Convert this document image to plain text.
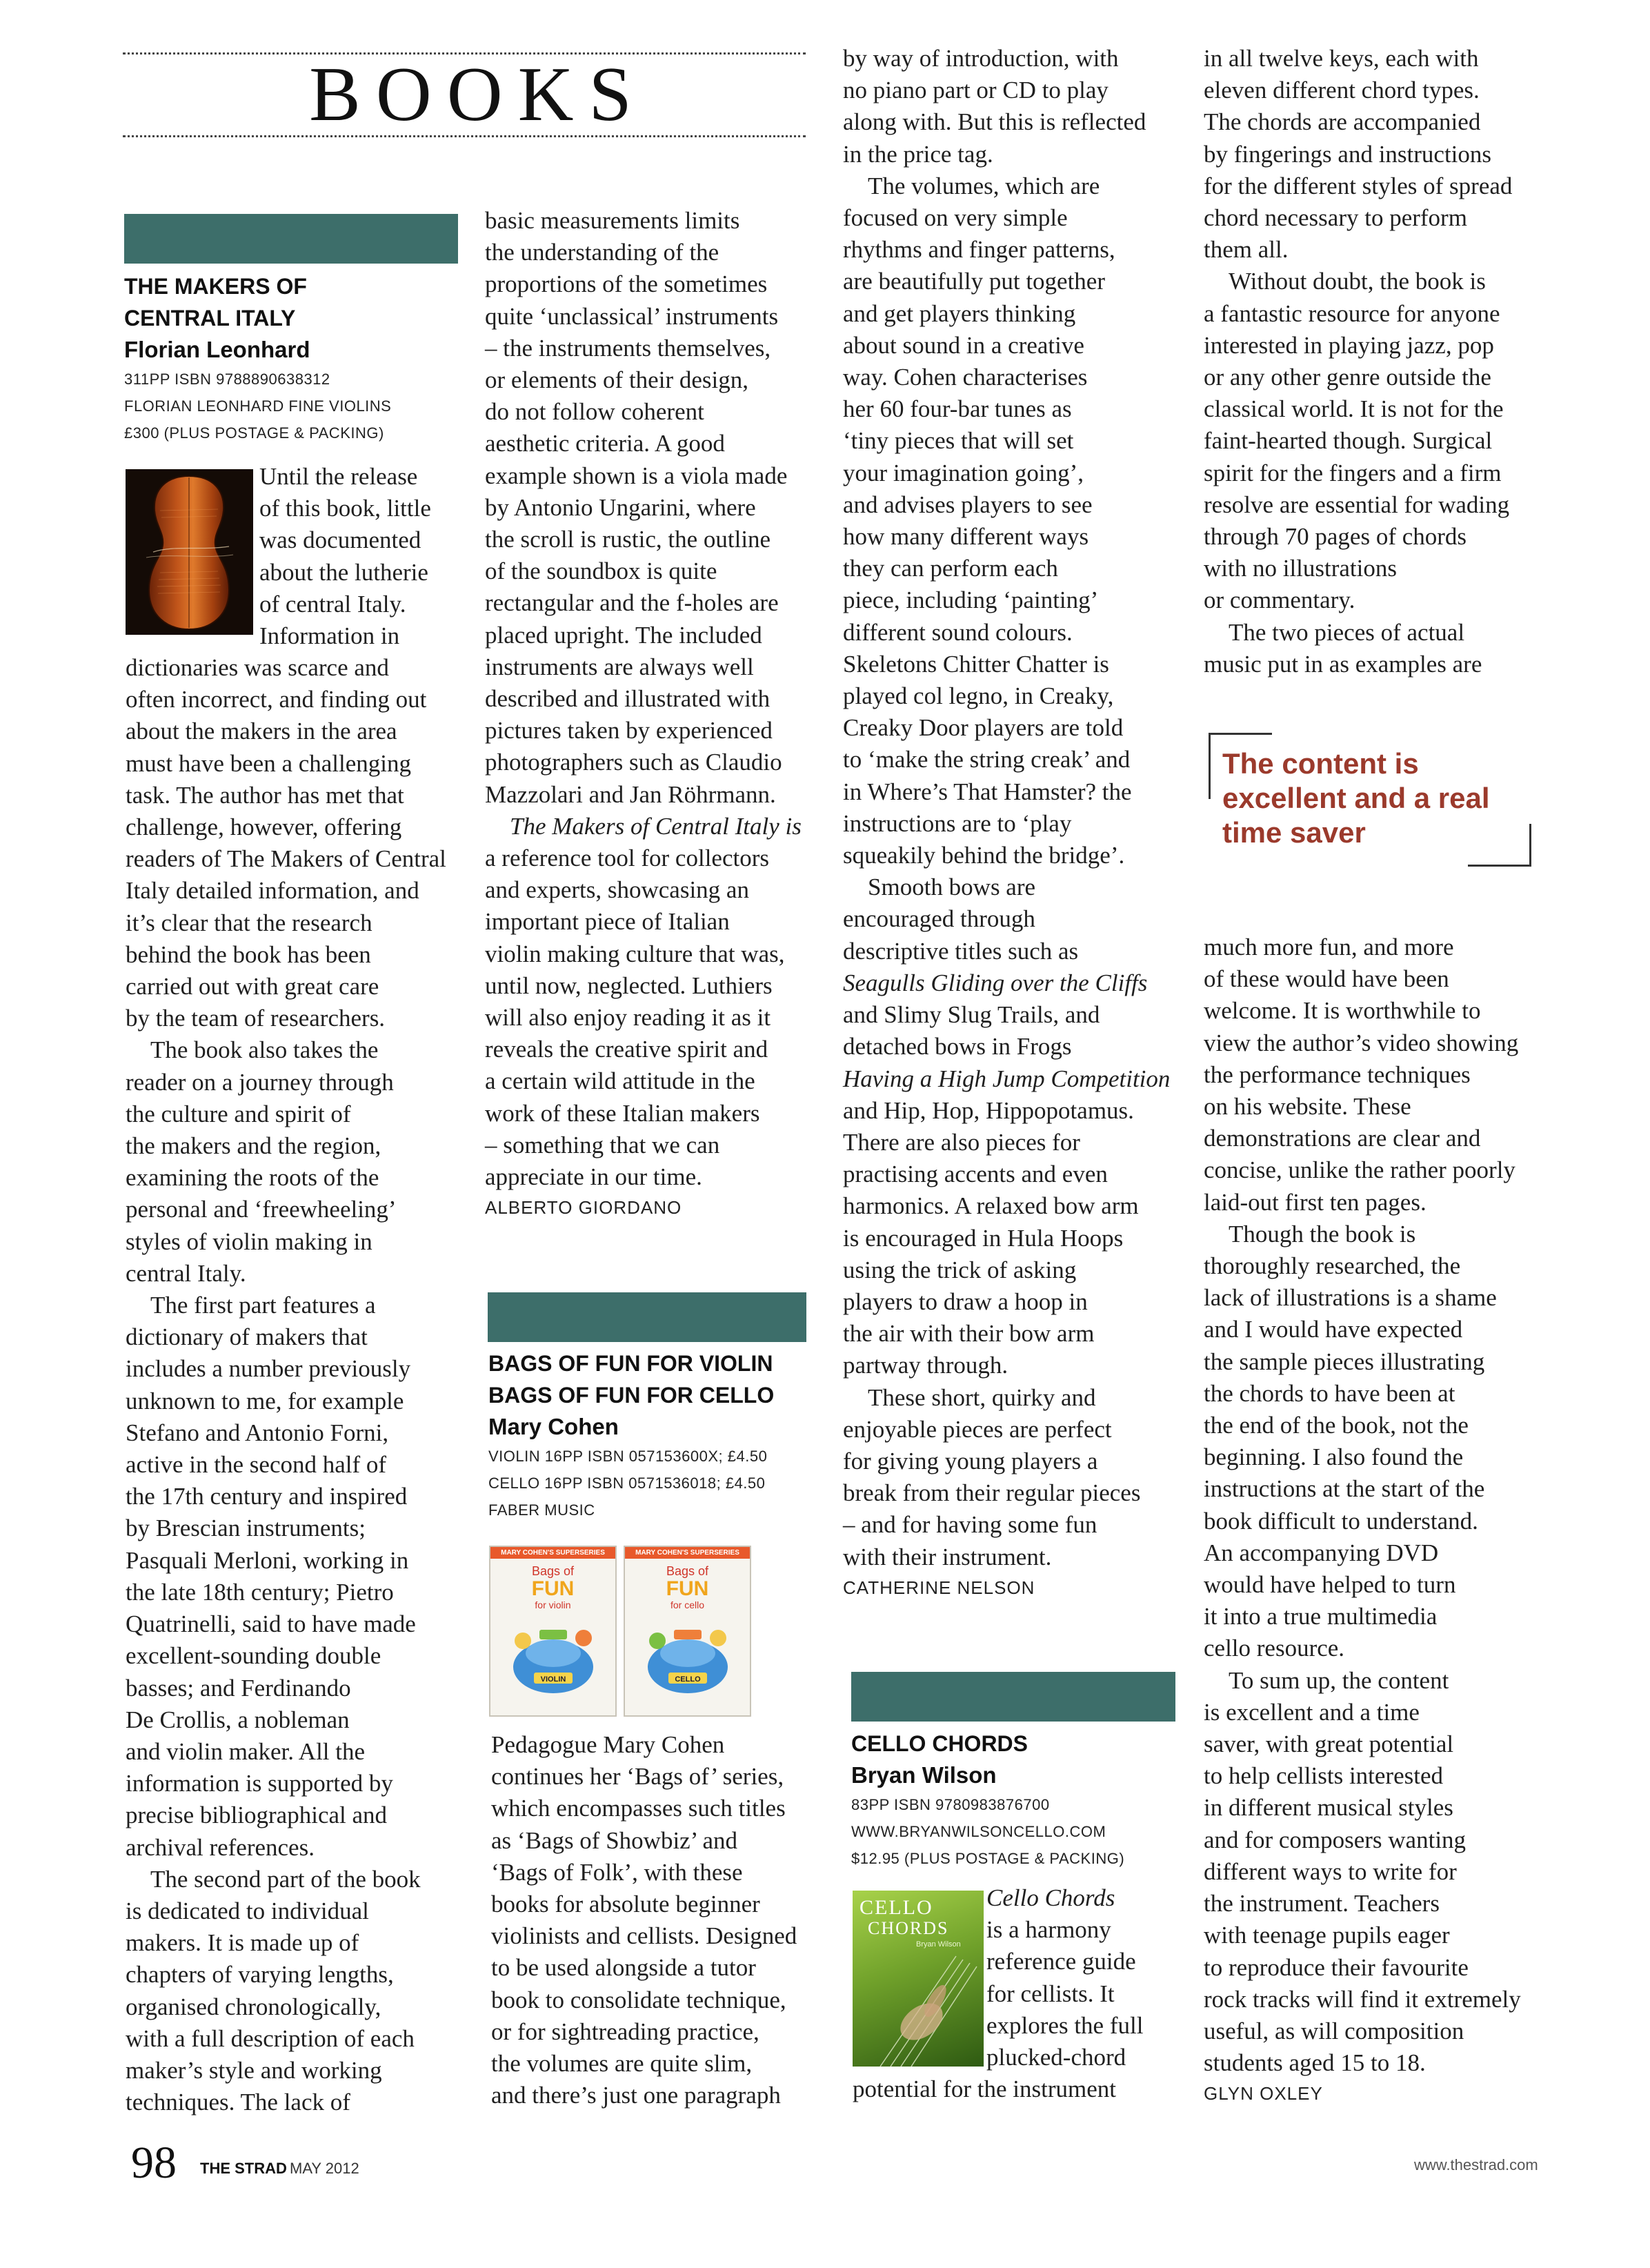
BOOKS
THE MAKERS OF
CENTRAL ITALY
Florian Leonhard
311PP ISBN 9788890638312
FLORIAN LEONHARD FINE VIOLINS
£300 (PLUS POSTAGE & PACKING)
Until the release
of this book, little
was documented
about the lutherie
of central Italy.
Information in
dictionaries was scarce and
often incorrect, and finding out
about the makers in the area
must have been a challenging
task. The author has met that
challenge, however, offering
readers of The Makers of Central
Italy detailed information, and
it’s clear that the research
behind the book has been
carried out with great care
by the team of researchers.
The book also takes the
reader on a journey through
the culture and spirit of
the makers and the region,
examining the roots of the
personal and ‘freewheeling’
styles of violin making in
central Italy.
The first part features a
dictionary of makers that
includes a number previously
unknown to me, for example
Stefano and Antonio Forni,
active in the second half of
the 17th century and inspired
by Brescian instruments;
Pasquali Merloni, working in
the late 18th century; Pietro
Quatrinelli, said to have made
excellent-sounding double
basses; and Ferdinando
De Crollis, a nobleman
and violin maker. All the
information is supported by
precise bibliographical and
archival references.
The second part of the book
is dedicated to individual
makers. It is made up of
chapters of varying lengths,
organised chronologically,
with a full description of each
maker’s style and working
techniques. The lack of
basic measurements limits
the understanding of the
proportions of the sometimes
quite ‘unclassical’ instruments
– the instruments themselves,
or elements of their design,
do not follow coherent
aesthetic criteria. A good
example shown is a viola made
by Antonio Ungarini, where
the scroll is rustic, the outline
of the soundbox is quite
rectangular and the f-holes are
placed upright. The included
instruments are always well
described and illustrated with
pictures taken by experienced
photographers such as Claudio
Mazzolari and Jan Röhrmann.
The Makers of Central Italy is
a reference tool for collectors
and experts, showcasing an
important piece of Italian
violin making culture that was,
until now, neglected. Luthiers
will also enjoy reading it as it
reveals the creative spirit and
a certain wild attitude in the
work of these Italian makers
– something that we can
appreciate in our time.
ALBERTO GIORDANO
BAGS OF FUN FOR VIOLIN
BAGS OF FUN FOR CELLO
Mary Cohen
VIOLIN 16PP ISBN 057153600X; £4.50
CELLO 16PP ISBN 0571536018; £4.50
FABER MUSIC
MARY COHEN'S SUPERSERIES
Bags of
FUN
for violin
VIOLIN
MARY COHEN'S SUPERSERIES
Bags of
FUN
for cello
CELLO
Pedagogue Mary Cohen
continues her ‘Bags of’ series,
which encompasses such titles
as ‘Bags of Showbiz’ and
‘Bags of Folk’, with these
books for absolute beginner
violinists and cellists. Designed
to be used alongside a tutor
book to consolidate technique,
or for sightreading practice,
the volumes are quite slim,
and there’s just one paragraph
by way of introduction, with
no piano part or CD to play
along with. But this is reflected
in the price tag.
The volumes, which are
focused on very simple
rhythms and finger patterns,
are beautifully put together
and get players thinking
about sound in a creative
way. Cohen characterises
her 60 four-bar tunes as
‘tiny pieces that will set
your imagination going’,
and advises players to see
how many different ways
they can perform each
piece, including ‘painting’
different sound colours.
Skeletons Chitter Chatter is
played col legno, in Creaky,
Creaky Door players are told
to ‘make the string creak’ and
in Where’s That Hamster? the
instructions are to ‘play
squeakily behind the bridge’.
Smooth bows are
encouraged through
descriptive titles such as
Seagulls Gliding over the Cliffs
and Slimy Slug Trails, and
detached bows in Frogs
Having a High Jump Competition
and Hip, Hop, Hippopotamus.
There are also pieces for
practising accents and even
harmonics. A relaxed bow arm
is encouraged in Hula Hoops
using the trick of asking
players to draw a hoop in
the air with their bow arm
partway through.
These short, quirky and
enjoyable pieces are perfect
for giving young players a
break from their regular pieces
– and for having some fun
with their instrument.
CATHERINE NELSON
CELLO CHORDS
Bryan Wilson
83PP ISBN 9780983876700
WWW.BRYANWILSONCELLO.COM
$12.95 (PLUS POSTAGE & PACKING)
CELLO
CHORDS
Bryan Wilson
Cello Chords
is a harmony
reference guide
for cellists. It
explores the full
plucked-chord
potential for the instrument
in all twelve keys, each with
eleven different chord types.
The chords are accompanied
by fingerings and instructions
for the different styles of spread
chord necessary to perform
them all.
Without doubt, the book is
a fantastic resource for anyone
interested in playing jazz, pop
or any other genre outside the
classical world. It is not for the
faint-hearted though. Surgical
spirit for the fingers and a firm
resolve are essential for wading
through 70 pages of chords
with no illustrations
or commentary.
The two pieces of actual
music put in as examples are
The content is
excellent and a real
time saver
much more fun, and more
of these would have been
welcome. It is worthwhile to
view the author’s video showing
the performance techniques
on his website. These
demonstrations are clear and
concise, unlike the rather poorly
laid-out first ten pages.
Though the book is
thoroughly researched, the
lack of illustrations is a shame
and I would have expected
the sample pieces illustrating
the chords to have been at
the end of the book, not the
beginning. I also found the
instructions at the start of the
book difficult to understand.
An accompanying DVD
would have helped to turn
it into a true multimedia
cello resource.
To sum up, the content
is excellent and a time
saver, with great potential
to help cellists interested
in different musical styles
and for composers wanting
different ways to write for
the instrument. Teachers
with teenage pupils eager
to reproduce their favourite
rock tracks will find it extremely
useful, as will composition
students aged 15 to 18.
GLYN OXLEY
98 THE STRAD MAY 2012	www.thestrad.com
